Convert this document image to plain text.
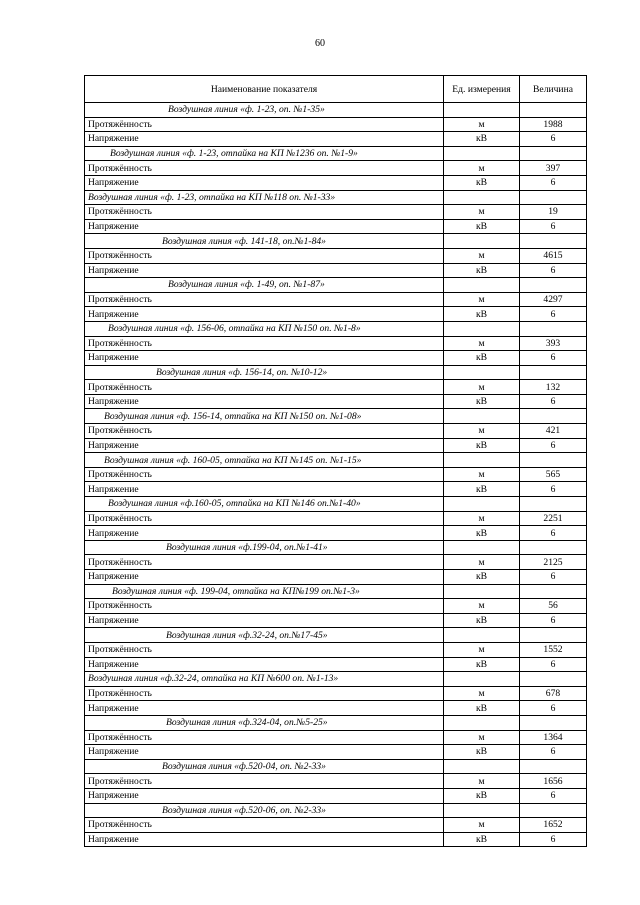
60
Наименование показателя	Ед. измерения	Величина
Воздушная линия «ф. 1-23, оп. №1-35»		
Протяжённость	м	1988
Напряжение	кВ	6
Воздушная линия «ф. 1-23, отпайка на КП №1236 оп. №1-9»		
Протяжённость	м	397
Напряжение	кВ	6
Воздушная линия «ф. 1-23, отпайка на КП №118 оп. №1-33»		
Протяжённость	м	19
Напряжение	кВ	6
Воздушная линия «ф. 141-18, оп.№1-84»		
Протяжённость	м	4615
Напряжение	кВ	6
Воздушная линия «ф. 1-49, оп. №1-87»		
Протяжённость	м	4297
Напряжение	кВ	6
Воздушная линия «ф. 156-06, отпайка на КП №150 оп. №1-8»		
Протяжённость	м	393
Напряжение	кВ	6
Воздушная линия «ф. 156-14, оп. №10-12»		
Протяжённость	м	132
Напряжение	кВ	6
Воздушная линия «ф. 156-14, отпайка на КП №150 оп. №1-08»		
Протяжённость	м	421
Напряжение	кВ	6
Воздушная линия «ф. 160-05, отпайка на КП №145 оп. №1-15»		
Протяжённость	м	565
Напряжение	кВ	6
Воздушная линия «ф.160-05, отпайка на КП №146 оп.№1-40»		
Протяжённость	м	2251
Напряжение	кВ	6
Воздушная линия «ф.199-04, оп.№1-41»		
Протяжённость	м	2125
Напряжение	кВ	6
Воздушная линия «ф. 199-04, отпайка на КП№199 оп.№1-3»		
Протяжённость	м	56
Напряжение	кВ	6
Воздушная линия «ф.32-24, оп.№17-45»		
Протяжённость	м	1552
Напряжение	кВ	6
Воздушная линия «ф.32-24, отпайка на КП №600 оп. №1-13»		
Протяжённость	м	678
Напряжение	кВ	6
Воздушная линия «ф.324-04, оп.№5-25»		
Протяжённость	м	1364
Напряжение	кВ	6
Воздушная линия «ф.520-04, оп. №2-33»		
Протяжённость	м	1656
Напряжение	кВ	6
Воздушная линия «ф.520-06, оп. №2-33»		
Протяжённость	м	1652
Напряжение	кВ	6
